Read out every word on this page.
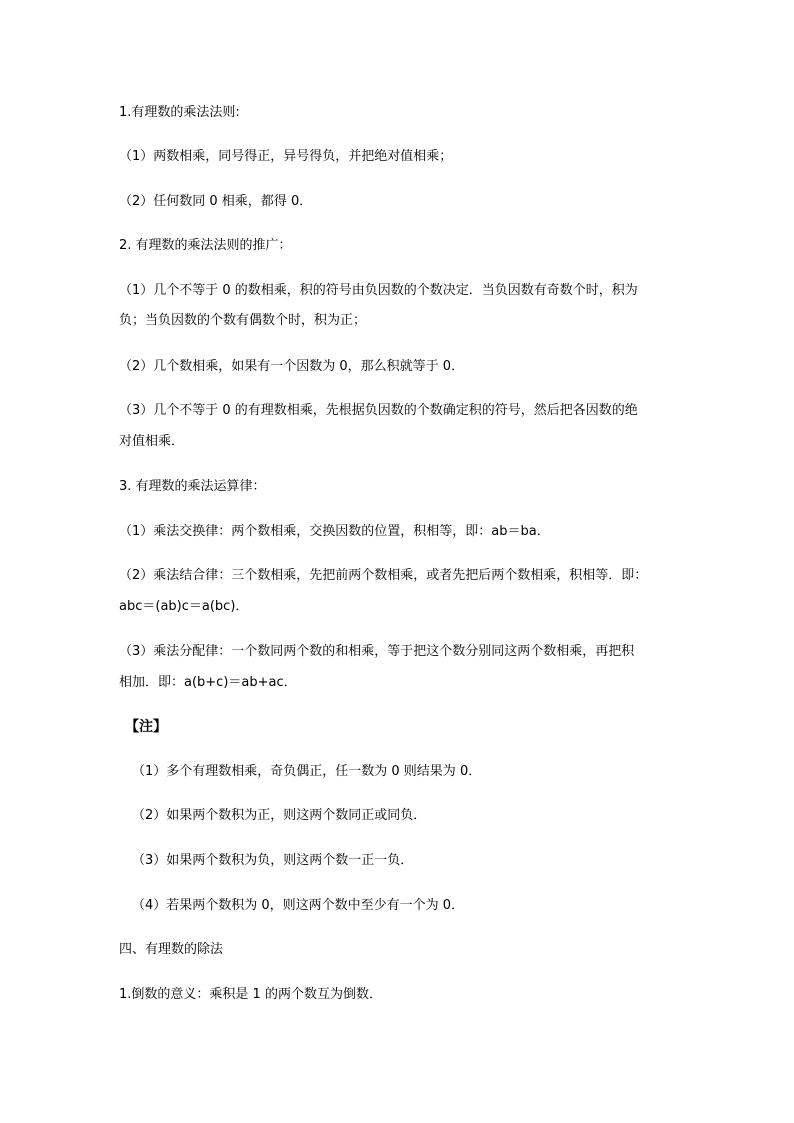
1.有理数的乘法法则:
（1）两数相乘，同号得正，异号得负，并把绝对值相乘；
（2）任何数同 0 相乘，都得 0．
2. 有理数的乘法法则的推广：
（1）几个不等于 0 的数相乘，积的符号由负因数的个数决定．当负因数有奇数个时，积为
负；当负因数的个数有偶数个时，积为正；
（2）几个数相乘，如果有一个因数为 0，那么积就等于 0．
（3）几个不等于 0 的有理数相乘，先根据负因数的个数确定积的符号，然后把各因数的绝
对值相乘．
3. 有理数的乘法运算律：
（1）乘法交换律：两个数相乘，交换因数的位置，积相等，即：ab＝ba．
（2）乘法结合律：三个数相乘，先把前两个数相乘，或者先把后两个数相乘，积相等．即：
abc＝(ab)c＝a(bc)．
（3）乘法分配律：一个数同两个数的和相乘，等于把这个数分别同这两个数相乘，再把积
相加．即：a(b+c)＝ab+ac．
【注】
（1）多个有理数相乘，奇负偶正，任一数为 0 则结果为 0．
（2）如果两个数积为正，则这两个数同正或同负．
（3）如果两个数积为负，则这两个数一正一负．
（4）若果两个数积为 0，则这两个数中至少有一个为 0．
四、有理数的除法
1.倒数的意义：乘积是 1 的两个数互为倒数．
